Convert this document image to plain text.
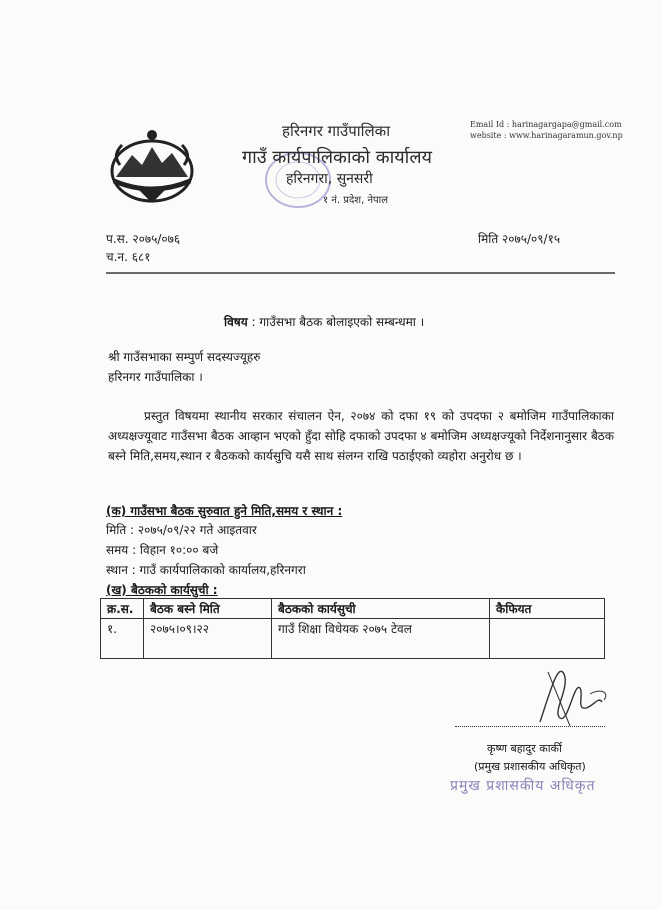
हरिनगर गाउँपालिका
गाउँ कार्यपालिकाको कार्यालय
हरिनगरा, सुनसरी
१ नं. प्रदेश, नेपाल
Email Id : harinagargapa@gmail.com
website : www.harinagaramun.gov.np
प.स. २०७५/०७६
च.न. ६८१
मिति २०७५/०९/१५
विषय : गाउँसभा बैठक बोलाइएको सम्बन्धमा ।
श्री गाउँसभाका सम्पुर्ण सदस्यज्यूहरु
हरिनगर गाउँपालिका ।
प्रस्तुत विषयमा स्थानीय सरकार संचालन ऐन, २०७४ को दफा १९ को उपदफा २ बमोजिम गाउँपालिकाका अध्यक्षज्यूवाट गाउँसभा बैठक आव्हान भएको हुँदा सोहि दफाको उपदफा ४ बमोजिम अध्यक्षज्यूको निर्देशनानुसार बैठक बस्ने मिति,समय,स्थान र बैठकको कार्यसुचि यसै साथ संलग्न राखि पठाईएको व्यहोरा अनुरोध छ ।
(क) गाउँसभा बैठक सुरुवात हुने मिति,समय र स्थान :
मिति : २०७५/०९/२२ गते आइतवार
समय : विहान १०:०० बजे
स्थान : गाउँ कार्यपालिकाको कार्यालय,हरिनगरा
(ख) बैठकको कार्यसुची :
क्र.स.	बैठक बस्ने मिति	बैठकको कार्यसुची	कैफियत
१.	२०७५।०९।२२	गाउँ शिक्षा विधेयक २०७५ टेवल	
कृष्ण बहादुर कार्की
(प्रमुख प्रशासकीय अधिकृत)
प्रमुख प्रशासकीय अधिकृत
